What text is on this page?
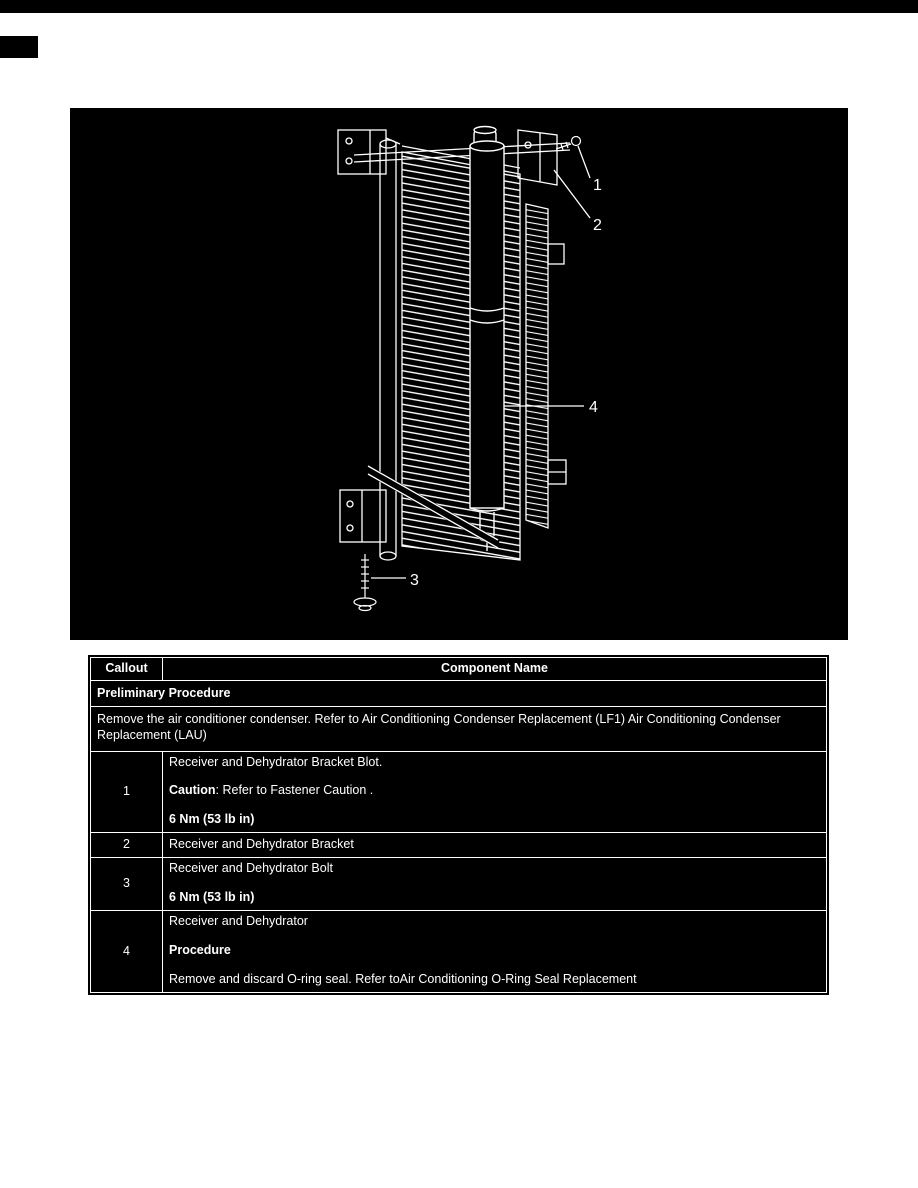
1
2
3
4
Callout	Component Name

Preliminary Procedure	

Remove the air conditioner condenser. Refer to Air Conditioning Condenser Replacement (LF1) Air Conditioning Condenser Replacement (LAU)	

1	Receiver and Dehydrator Bracket Blot.

Caution: Refer to Fastener Caution .

6 Nm (53 lb in)

2	Receiver and Dehydrator Bracket

3	Receiver and Dehydrator Bolt

6 Nm (53 lb in)

4	Receiver and Dehydrator

Procedure

Remove and discard O-ring seal. Refer toAir Conditioning O-Ring Seal Replacement
